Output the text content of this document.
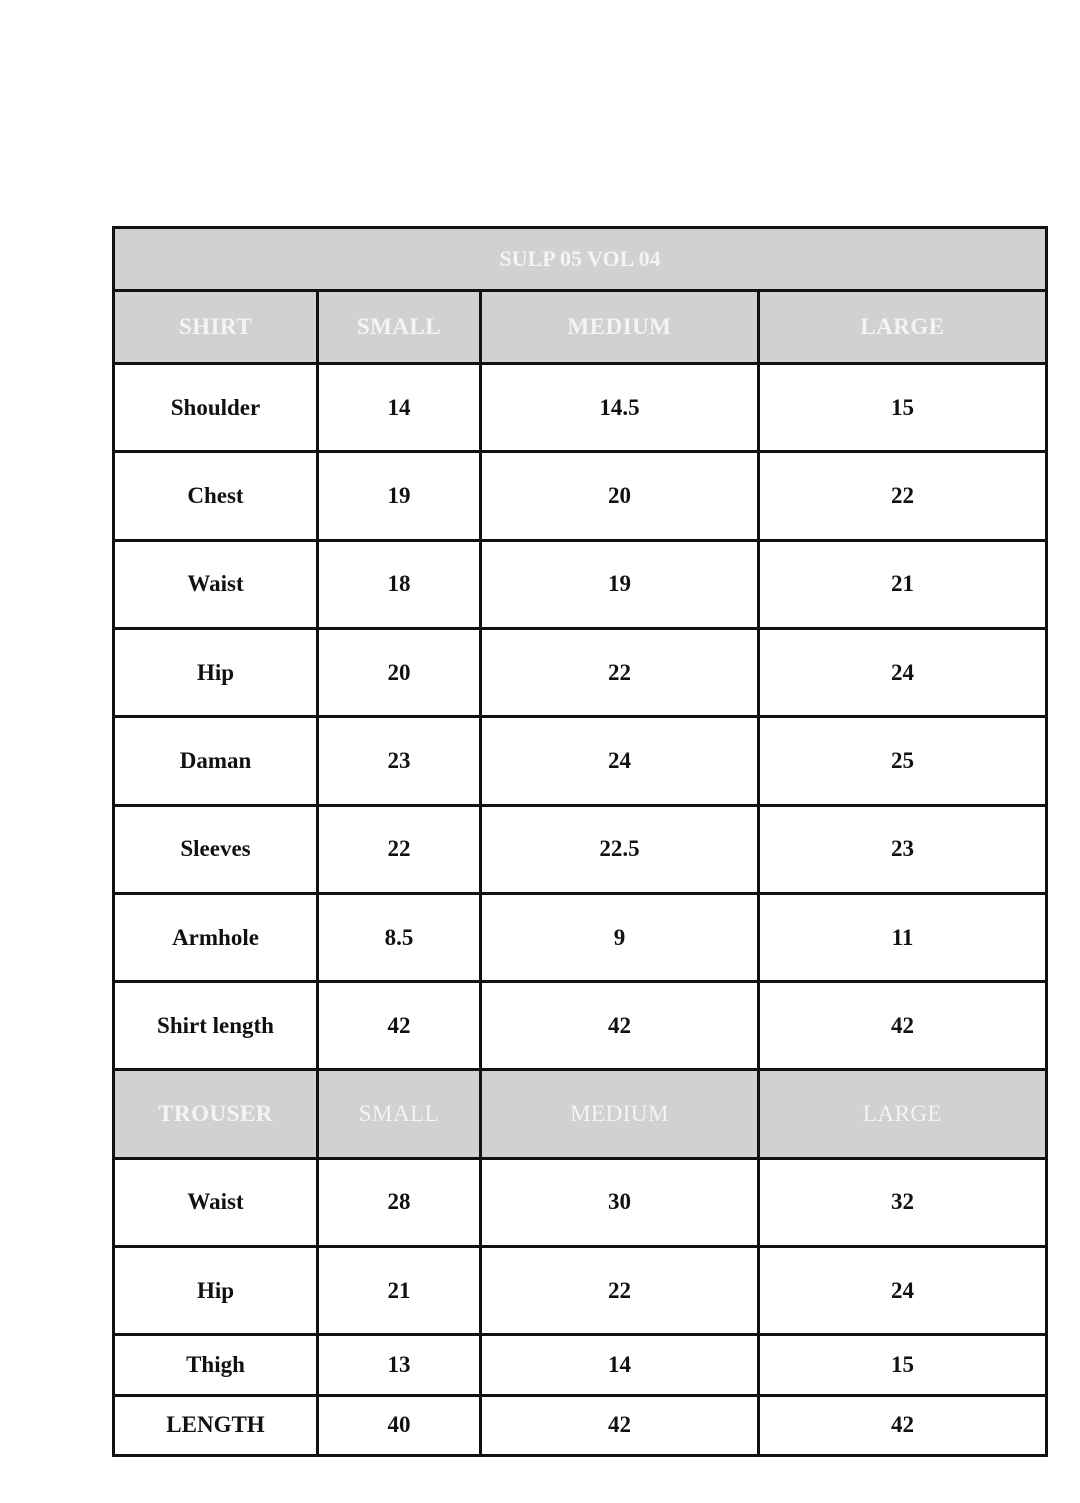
SULP 05 VOL 04			
SHIRT	SMALL	MEDIUM	LARGE
Shoulder	14	14.5	15
Chest	19	20	22
Waist	18	19	21
Hip	20	22	24
Daman	23	24	25
Sleeves	22	22.5	23
Armhole	8.5	9	11
Shirt length	42	42	42
TROUSER	SMALL	MEDIUM	LARGE
Waist	28	30	32
Hip	21	22	24
Thigh	13	14	15
LENGTH	40	42	42
